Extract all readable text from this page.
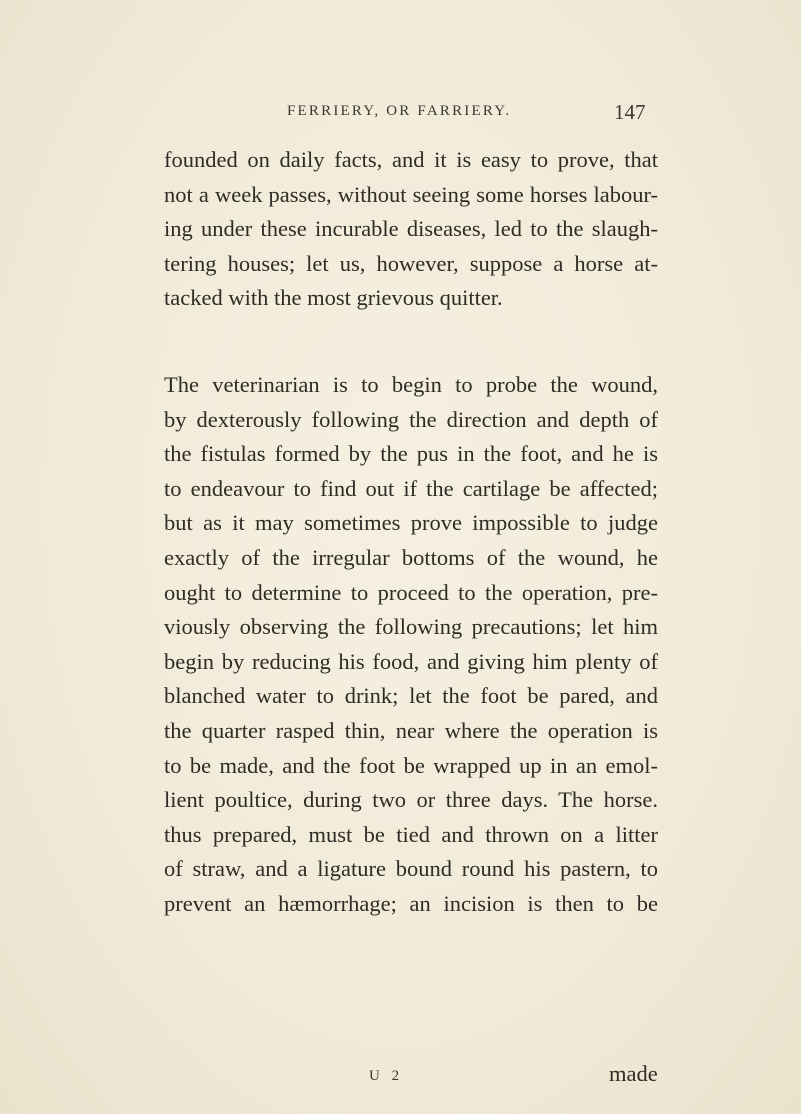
FERRIERY, OR FARRIERY.	147
founded on daily facts, and it is easy to prove, that
not a week passes, without seeing some horses labour-
ing under these incurable diseases, led to the slaugh-
tering houses; let us, however, suppose a horse at-
tacked with the most grievous quitter.
The veterinarian is to begin to probe the wound,
by dexterously following the direction and depth of
the fistulas formed by the pus in the foot, and he is
to endeavour to find out if the cartilage be affected;
but as it may sometimes prove impossible to judge
exactly of the irregular bottoms of the wound, he
ought to determine to proceed to the operation, pre-
viously observing the following precautions; let him
begin by reducing his food, and giving him plenty of
blanched water to drink; let the foot be pared, and
the quarter rasped thin, near where the operation is
to be made, and the foot be wrapped up in an emol-
lient poultice, during two or three days. The horse.
thus prepared, must be tied and thrown on a litter
of straw, and a ligature bound round his pastern, to
prevent an hæmorrhage; an incision is then to be
U 2	made
